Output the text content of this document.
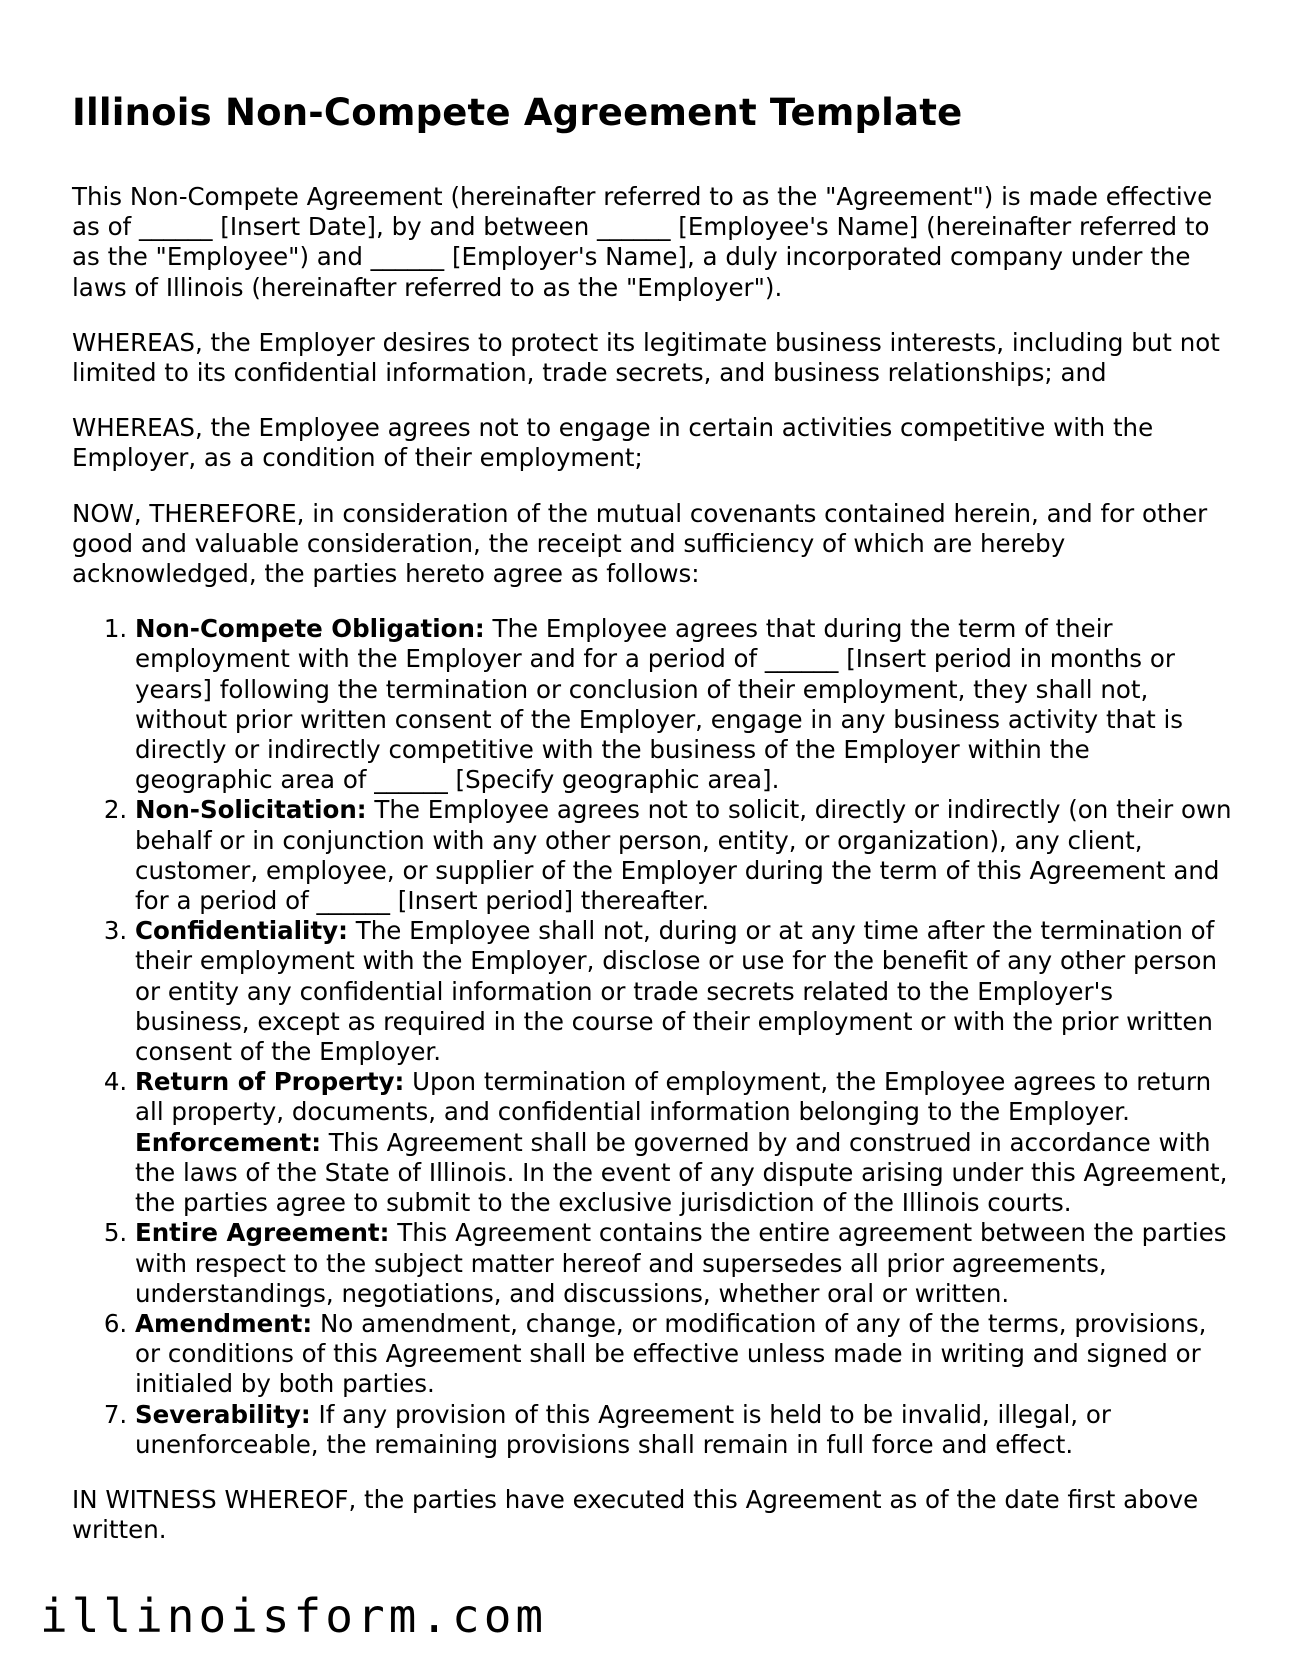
Illinois Non-Compete Agreement Template

This Non-Compete Agreement (hereinafter referred to as the "Agreement") is made effective as of ______ [Insert Date], by and between ______ [Employee's Name] (hereinafter referred to as the "Employee") and ______ [Employer's Name], a duly incorporated company under the laws of Illinois (hereinafter referred to as the "Employer").

WHEREAS, the Employer desires to protect its legitimate business interests, including but not limited to its confidential information, trade secrets, and business relationships; and

WHEREAS, the Employee agrees not to engage in certain activities competitive with the Employer, as a condition of their employment;

NOW, THEREFORE, in consideration of the mutual covenants contained herein, and for other good and valuable consideration, the receipt and sufficiency of which are hereby acknowledged, the parties hereto agree as follows:

1. Non-Compete Obligation: The Employee agrees that during the term of their employment with the Employer and for a period of ______ [Insert period in months or years] following the termination or conclusion of their employment, they shall not, without prior written consent of the Employer, engage in any business activity that is directly or indirectly competitive with the business of the Employer within the geographic area of ______ [Specify geographic area].
2. Non-Solicitation: The Employee agrees not to solicit, directly or indirectly (on their own behalf or in conjunction with any other person, entity, or organization), any client, customer, employee, or supplier of the Employer during the term of this Agreement and for a period of ______ [Insert period] thereafter.
3. Confidentiality: The Employee shall not, during or at any time after the termination of their employment with the Employer, disclose or use for the benefit of any other person or entity any confidential information or trade secrets related to the Employer's business, except as required in the course of their employment or with the prior written consent of the Employer.
4. Return of Property: Upon termination of employment, the Employee agrees to return all property, documents, and confidential information belonging to the Employer.
Enforcement: This Agreement shall be governed by and construed in accordance with the laws of the State of Illinois. In the event of any dispute arising under this Agreement, the parties agree to submit to the exclusive jurisdiction of the Illinois courts.
5. Entire Agreement: This Agreement contains the entire agreement between the parties with respect to the subject matter hereof and supersedes all prior agreements, understandings, negotiations, and discussions, whether oral or written.
6. Amendment: No amendment, change, or modification of any of the terms, provisions, or conditions of this Agreement shall be effective unless made in writing and signed or initialed by both parties.
7. Severability: If any provision of this Agreement is held to be invalid, illegal, or unenforceable, the remaining provisions shall remain in full force and effect.

IN WITNESS WHEREOF, the parties have executed this Agreement as of the date first above written.

illinoisform.com
